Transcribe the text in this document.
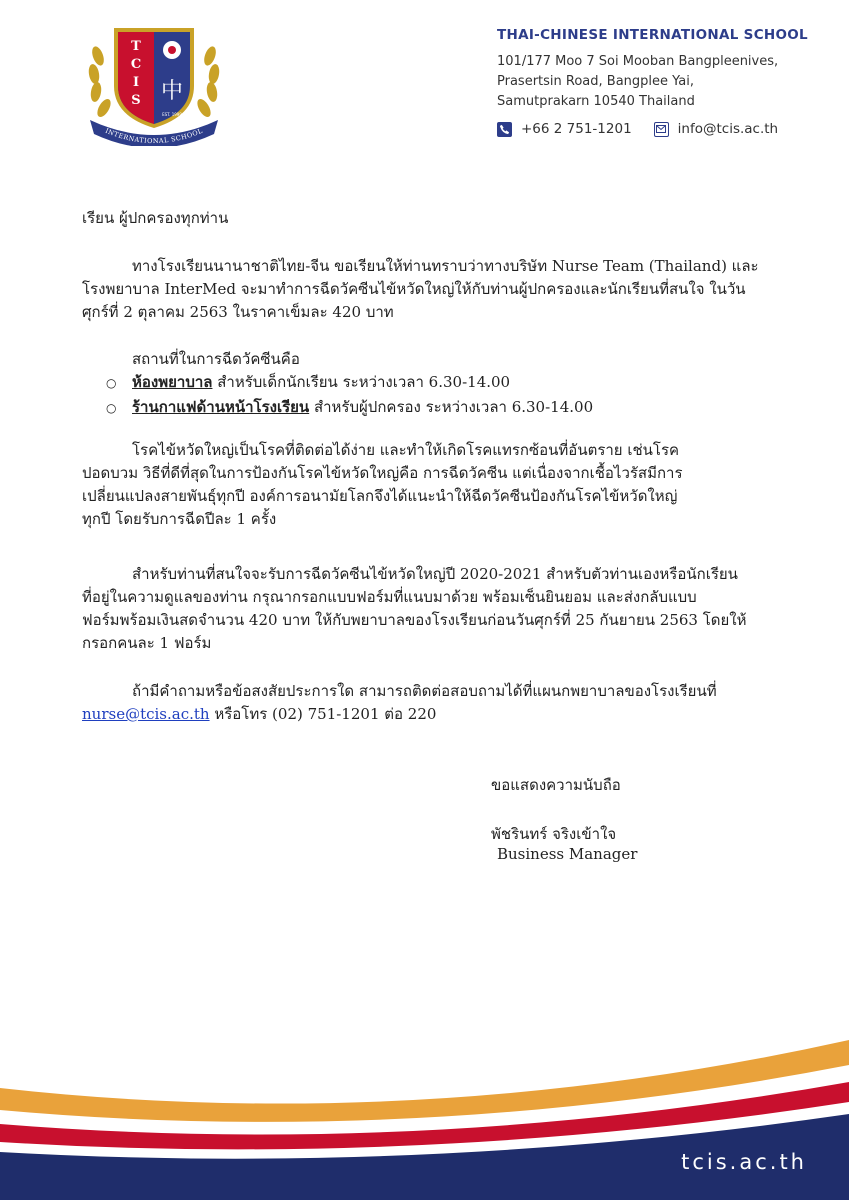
T
C
I
S 中
EST. 1999
INTERNATIONAL SCHOOL
THAI-CHINESE INTERNATIONAL SCHOOL
101/177 Moo 7 Soi Mooban Bangpleenives,
Prasertsin Road, Bangplee Yai,
Samutprakarn 10540 Thailand
+66 2 751-1201	info@tcis.ac.th
เรียน ผู้ปกครองทุกท่าน

ทางโรงเรียนนานาชาติไทย-จีน ขอเรียนให้ท่านทราบว่าทางบริษัท Nurse Team (Thailand) และ
โรงพยาบาล InterMed จะมาทำการฉีดวัคซีนไข้หวัดใหญ่ให้กับท่านผู้ปกครองและนักเรียนที่สนใจ ในวัน
ศุกร์ที่ 2 ตุลาคม 2563 ในราคาเข็มละ 420 บาท

สถานที่ในการฉีดวัคซีนคือ
○ ห้องพยาบาล สำหรับเด็กนักเรียน ระหว่างเวลา 6.30-14.00
○ ร้านกาแฟด้านหน้าโรงเรียน สำหรับผู้ปกครอง ระหว่างเวลา 6.30-14.00

โรคไข้หวัดใหญ่เป็นโรคที่ติดต่อได้ง่าย และทำให้เกิดโรคแทรกซ้อนที่อันตราย เช่นโรค
ปอดบวม วิธีที่ดีที่สุดในการป้องกันโรคไข้หวัดใหญ่คือ การฉีดวัคซีน แต่เนื่องจากเชื้อไวรัสมีการ
เปลี่ยนแปลงสายพันธุ์ทุกปี องค์การอนามัยโลกจึงได้แนะนำให้ฉีดวัคซีนป้องกันโรคไข้หวัดใหญ่
ทุกปี โดยรับการฉีดปีละ 1 ครั้ง

สำหรับท่านที่สนใจจะรับการฉีดวัคซีนไข้หวัดใหญ่ปี 2020-2021 สำหรับตัวท่านเองหรือนักเรียน
ที่อยู่ในความดูแลของท่าน กรุณากรอกแบบฟอร์มที่แนบมาด้วย พร้อมเซ็นยินยอม และส่งกลับแบบ
ฟอร์มพร้อมเงินสดจำนวน 420 บาท ให้กับพยาบาลของโรงเรียนก่อนวันศุกร์ที่ 25 กันยายน 2563 โดยให้
กรอกคนละ 1 ฟอร์ม

ถ้ามีคำถามหรือข้อสงสัยประการใด สามารถติดต่อสอบถามได้ที่แผนกพยาบาลของโรงเรียนที่
nurse@tcis.ac.th หรือโทร (02) 751-1201 ต่อ 220

ขอแสดงความนับถือ
พัชรินทร์ จริงเข้าใจ
Business Manager
tcis.ac.th
